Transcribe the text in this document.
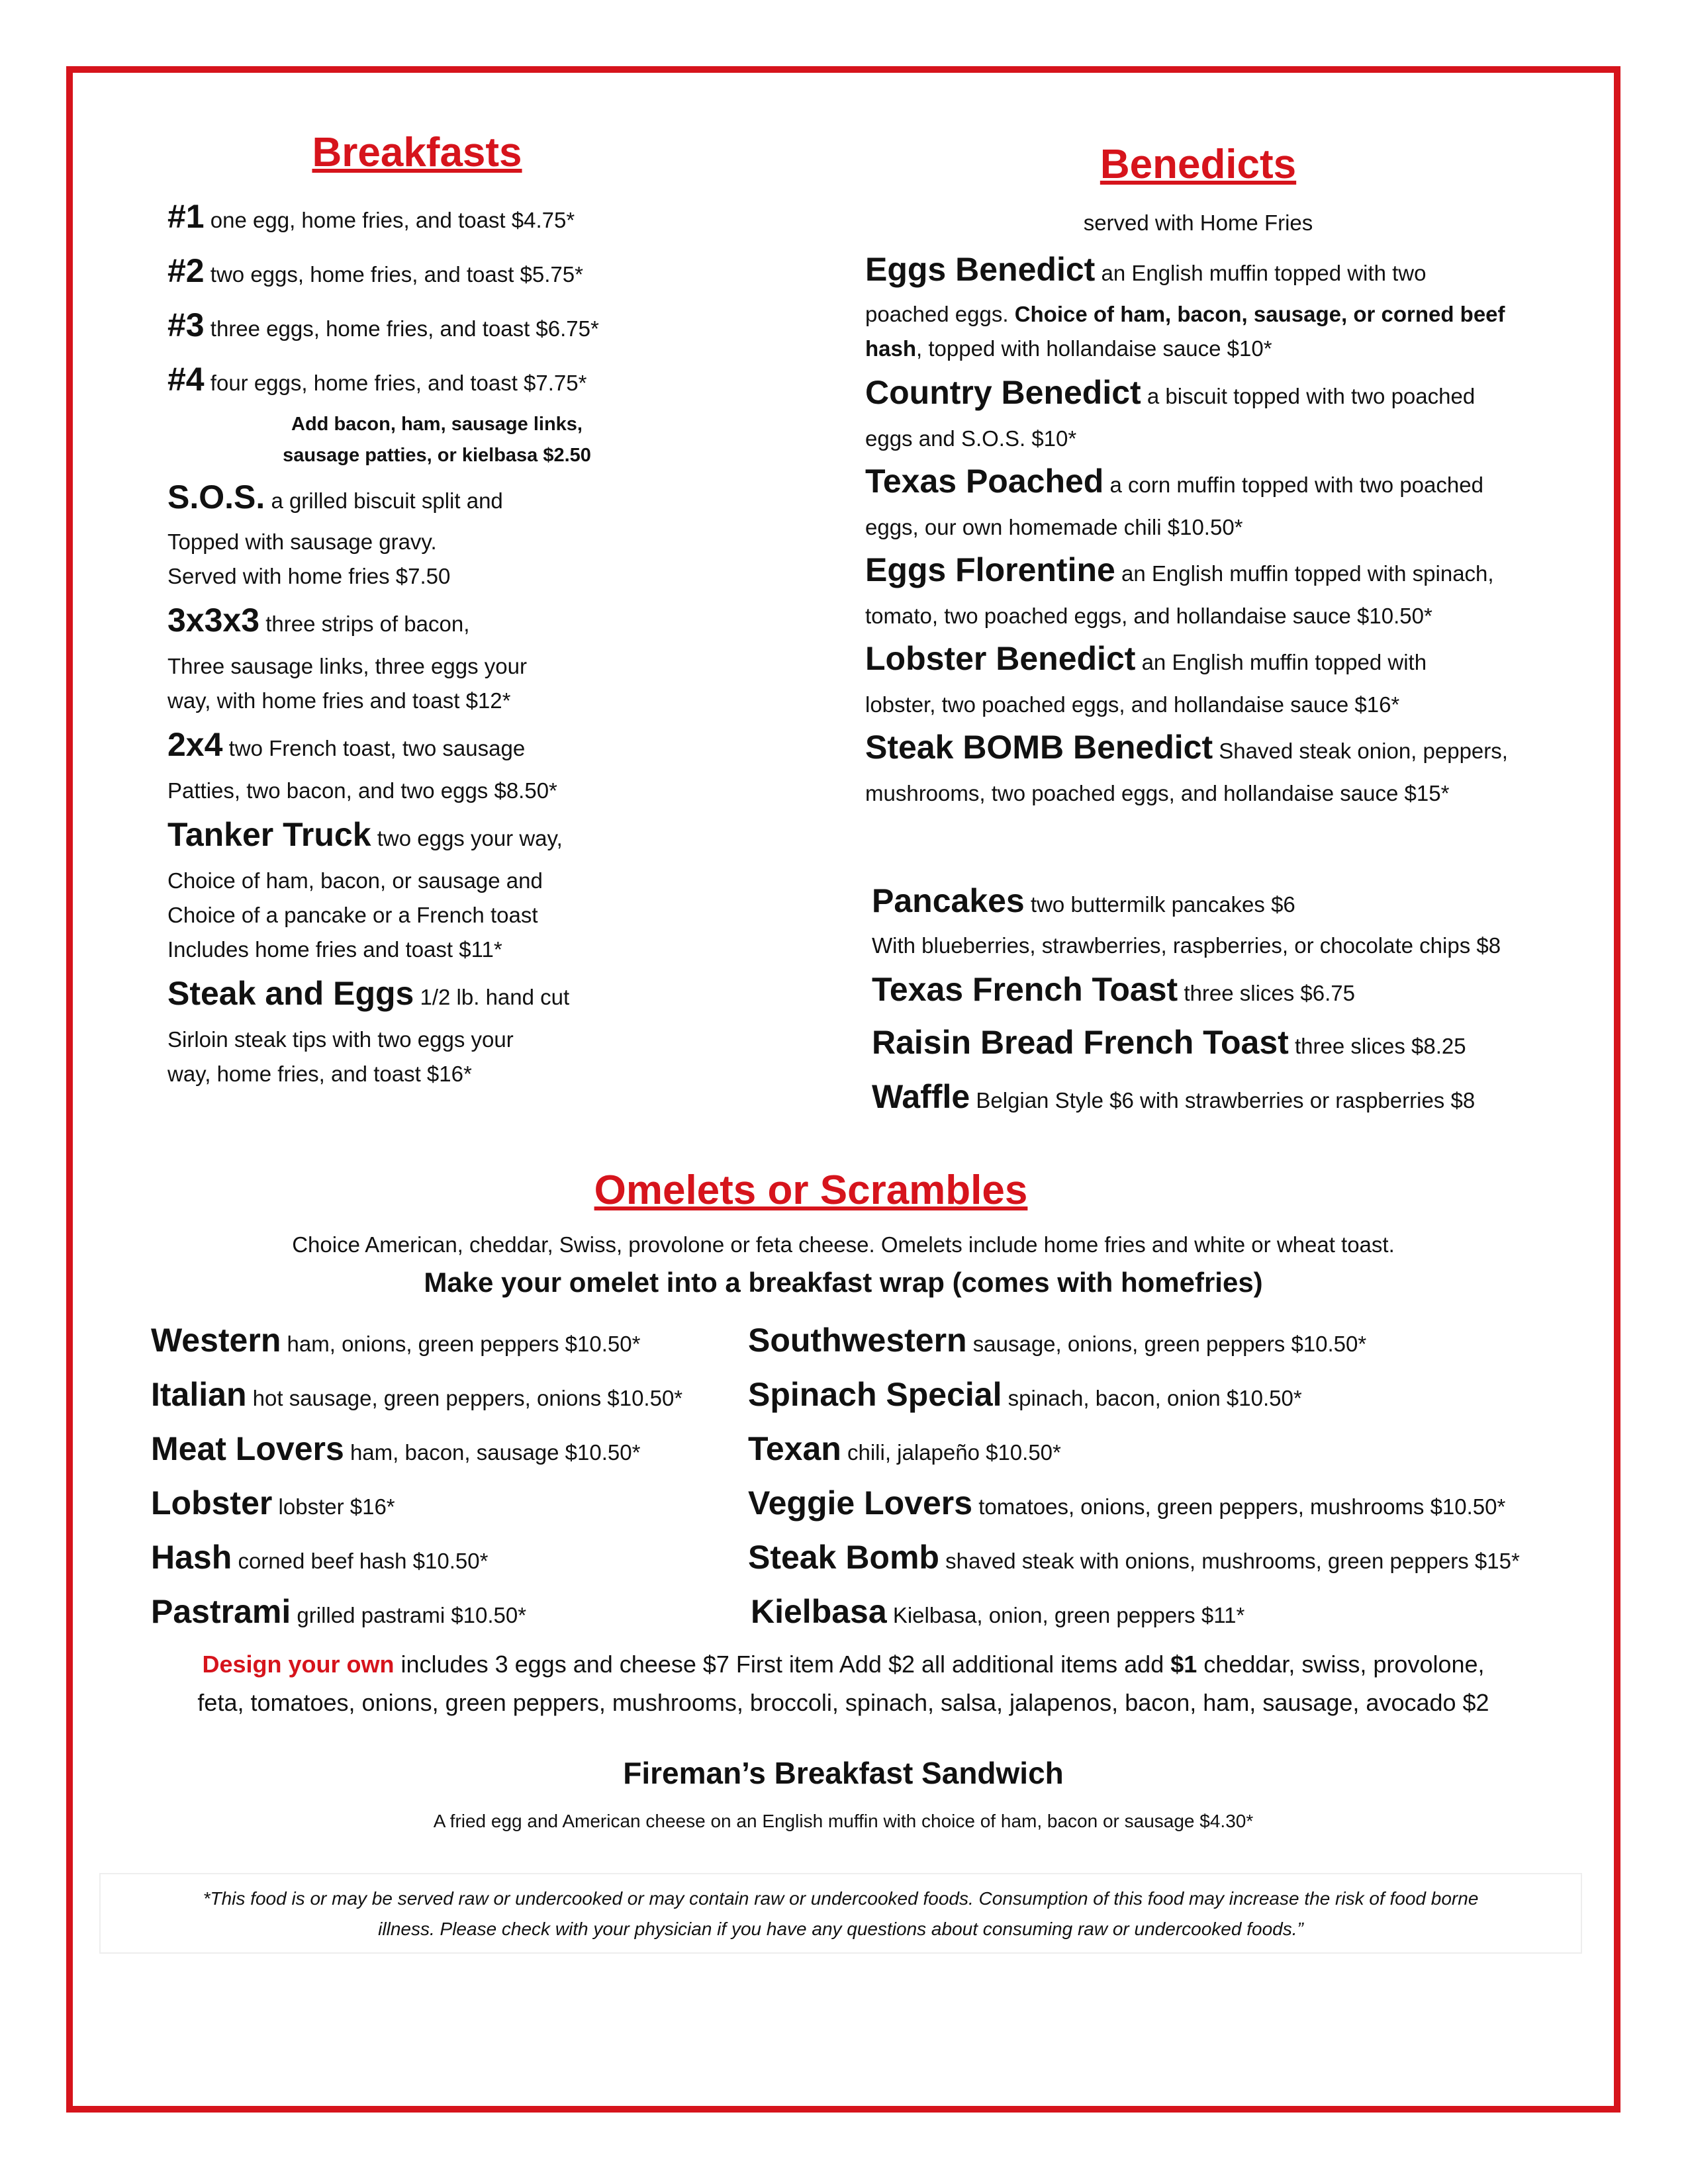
Breakfasts
#1 one egg, home fries, and toast $4.75*
#2 two eggs, home fries, and toast $5.75*
#3 three eggs, home fries, and toast $6.75*
#4 four eggs, home fries, and toast $7.75*
Add bacon, ham, sausage links,
sausage patties, or kielbasa $2.50
S.O.S. a grilled biscuit split and
Topped with sausage gravy.
Served with home fries $7.50
3x3x3 three strips of bacon,
Three sausage links, three eggs your
way, with home fries and toast $12*
2x4 two French toast, two sausage
Patties, two bacon, and two eggs $8.50*
Tanker Truck two eggs your way,
Choice of ham, bacon, or sausage and
Choice of a pancake or a French toast
Includes home fries and toast $11*
Steak and Eggs 1/2 lb. hand cut
Sirloin steak tips with two eggs your
way, home fries, and toast $16*
Benedicts
served with Home Fries
Eggs Benedict an English muffin topped with two
poached eggs. Choice of ham, bacon, sausage, or corned beef
hash, topped with hollandaise sauce $10*
Country Benedict a biscuit topped with two poached
eggs and S.O.S. $10*
Texas Poached a corn muffin topped with two poached
eggs, our own homemade chili $10.50*
Eggs Florentine an English muffin topped with spinach,
tomato, two poached eggs, and hollandaise sauce $10.50*
Lobster Benedict an English muffin topped with
lobster, two poached eggs, and hollandaise sauce $16*
Steak BOMB Benedict Shaved steak onion, peppers,
mushrooms, two poached eggs, and hollandaise sauce $15*
Pancakes two buttermilk pancakes $6
With blueberries, strawberries, raspberries, or chocolate chips $8
Texas French Toast three slices $6.75
Raisin Bread French Toast three slices $8.25
Waffle Belgian Style $6 with strawberries or raspberries $8
Omelets or Scrambles
Choice American, cheddar, Swiss, provolone or feta cheese. Omelets include home fries and white or wheat toast.
Make your omelet into a breakfast wrap (comes with homefries)
Western ham, onions, green peppers $10.50*
Italian hot sausage, green peppers, onions $10.50*
Meat Lovers ham, bacon, sausage $10.50*
Lobster lobster $16*
Hash corned beef hash $10.50*
Pastrami grilled pastrami $10.50*
Southwestern sausage, onions, green peppers $10.50*
Spinach Special spinach, bacon, onion $10.50*
Texan chili, jalapeño $10.50*
Veggie Lovers tomatoes, onions, green peppers, mushrooms $10.50*
Steak Bomb shaved steak with onions, mushrooms, green peppers $15*
Kielbasa Kielbasa, onion, green peppers $11*
Design your own includes 3 eggs and cheese $7 First item Add $2 all additional items add $1 cheddar, swiss, provolone,
feta, tomatoes, onions, green peppers, mushrooms, broccoli, spinach, salsa, jalapenos, bacon, ham, sausage, avocado $2
Fireman’s Breakfast Sandwich
A fried egg and American cheese on an English muffin with choice of ham, bacon or sausage $4.30*
*This food is or may be served raw or undercooked or may contain raw or undercooked foods. Consumption of this food may increase the risk of food borne
illness. Please check with your physician if you have any questions about consuming raw or undercooked foods.”
